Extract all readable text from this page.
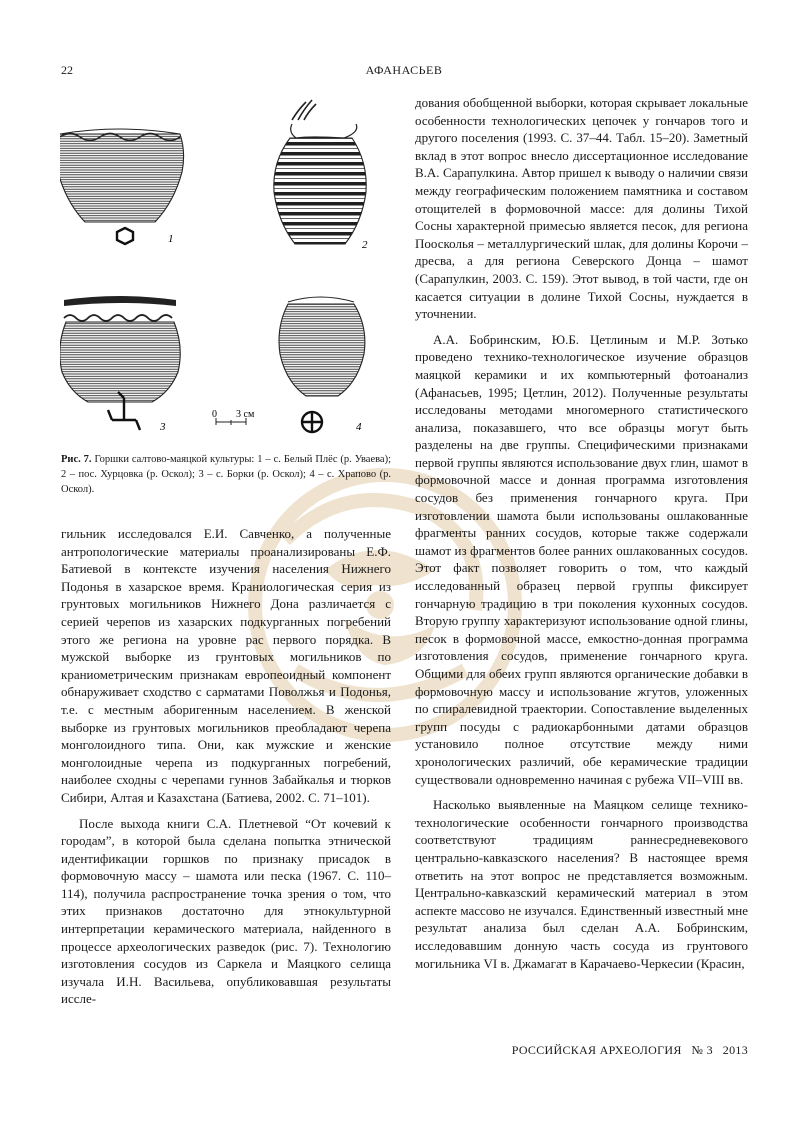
22	АФАНАСЬЕВ
1	2
3
0 3 см
4
Рис. 7. Горшки салтово-маяцкой культуры: 1 – с. Белый Плёс (р. Уваева); 2 – пос. Хурцовка (р. Оскол); 3 – с. Борки (р. Оскол); 4 – с. Храпово (р. Оскол).

гильник исследовался Е.И. Савченко, а полученные антропологические материалы проанализированы Е.Ф. Батиевой в контексте изучения населения Нижнего Подонья в хазарское время. Краниологическая серия из грунтовых могильников Нижнего Дона различается с серией черепов из хазарских подкурганных погребений этого же региона на уровне рас первого порядка. В мужской выборке из грунтовых могильников по краниометрическим признакам европеоидный компонент обнаруживает сходство с сарматами Поволжья и Подонья, т.е. с местным аборигенным населением. В женской выборке из грунтовых могильников преобладают черепа монголоидного типа. Они, как мужские и женские монголоидные черепа из подкурганных погребений, наиболее сходны с черепами гуннов Забайкалья и тюрков Сибири, Алтая и Казахстана (Батиева, 2002. С. 71–101).

После выхода книги С.А. Плетневой “От кочевий к городам”, в которой была сделана попытка этнической идентификации горшков по признаку присадок в формовочную массу – шамота или песка (1967. С. 110–114), получила распространение точка зрения о том, что этих признаков достаточно для этнокультурной интерпретации керамического материала, найденного в процессе археологических разведок (рис. 7). Технологию изготовления сосудов из Саркела и Маяцкого селища изучала И.Н. Васильева, опубликовавшая результаты иссле-

дования обобщенной выборки, которая скрывает локальные особенности технологических цепочек у гончаров того и другого поселения (1993. С. 37–44. Табл. 15–20). Заметный вклад в этот вопрос внесло диссертационное исследование В.А. Сарапулкина. Автор пришел к выводу о наличии связи между географическим положением памятника и составом отощителей в формовочной массе: для долины Тихой Сосны характерной примесью является песок, для региона Поосколья – металлургический шлак, для долины Корочи – дресва, а для региона Северского Донца – шамот (Сарапулкин, 2003. С. 159). Этот вывод, в той части, где он касается ситуации в долине Тихой Сосны, нуждается в уточнении.

А.А. Бобринским, Ю.Б. Цетлиным и М.Р. Зотько проведено технико-технологическое изучение образцов маяцкой керамики и их компьютерный фотоанализ (Афанасьев, 1995; Цетлин, 2012). Полученные результаты исследованы методами многомерного статистического анализа, показавшего, что все образцы могут быть разделены на две группы. Специфическими признаками первой группы являются использование двух глин, шамот в формовочной массе и донная программа изготовления сосудов без применения гончарного круга. При изготовлении шамота были использованы ошлакованные фрагменты ранних сосудов, которые также содержали шамот из фрагментов более ранних ошлакованных сосудов. Этот факт позволяет говорить о том, что каждый исследованный образец первой группы фиксирует гончарную традицию в три поколения кухонных сосудов. Вторую группу характеризуют использование одной глины, песок в формовочной массе, емкостно-донная программа изготовления сосудов, применение гончарного круга. Общими для обеих групп являются органические добавки в формовочную массу и использование жгутов, уложенных по спиралевидной траектории. Сопоставление выделенных групп посуды с радиокарбонными датами образцов установило полное отсутствие между ними хронологических различий, обе керамические традиции существовали одновременно начиная с рубежа VII–VIII вв.

Насколько выявленные на Маяцком селище технико-технологические особенности гончарного производства соответствуют традициям раннесредневекового центрально-кавказского населения? В настоящее время ответить на этот вопрос не представляется возможным. Центрально-кавказский керамический материал в этом аспекте массово не изучался. Единственный известный мне результат анализа был сделан А.А. Бобринским, исследовавшим донную часть сосуда из грунтового могильника VI в. Джамагат в Карачаево-Черкесии (Красин,

РОССИЙСКАЯ АРХЕОЛОГИЯ № 3 2013
